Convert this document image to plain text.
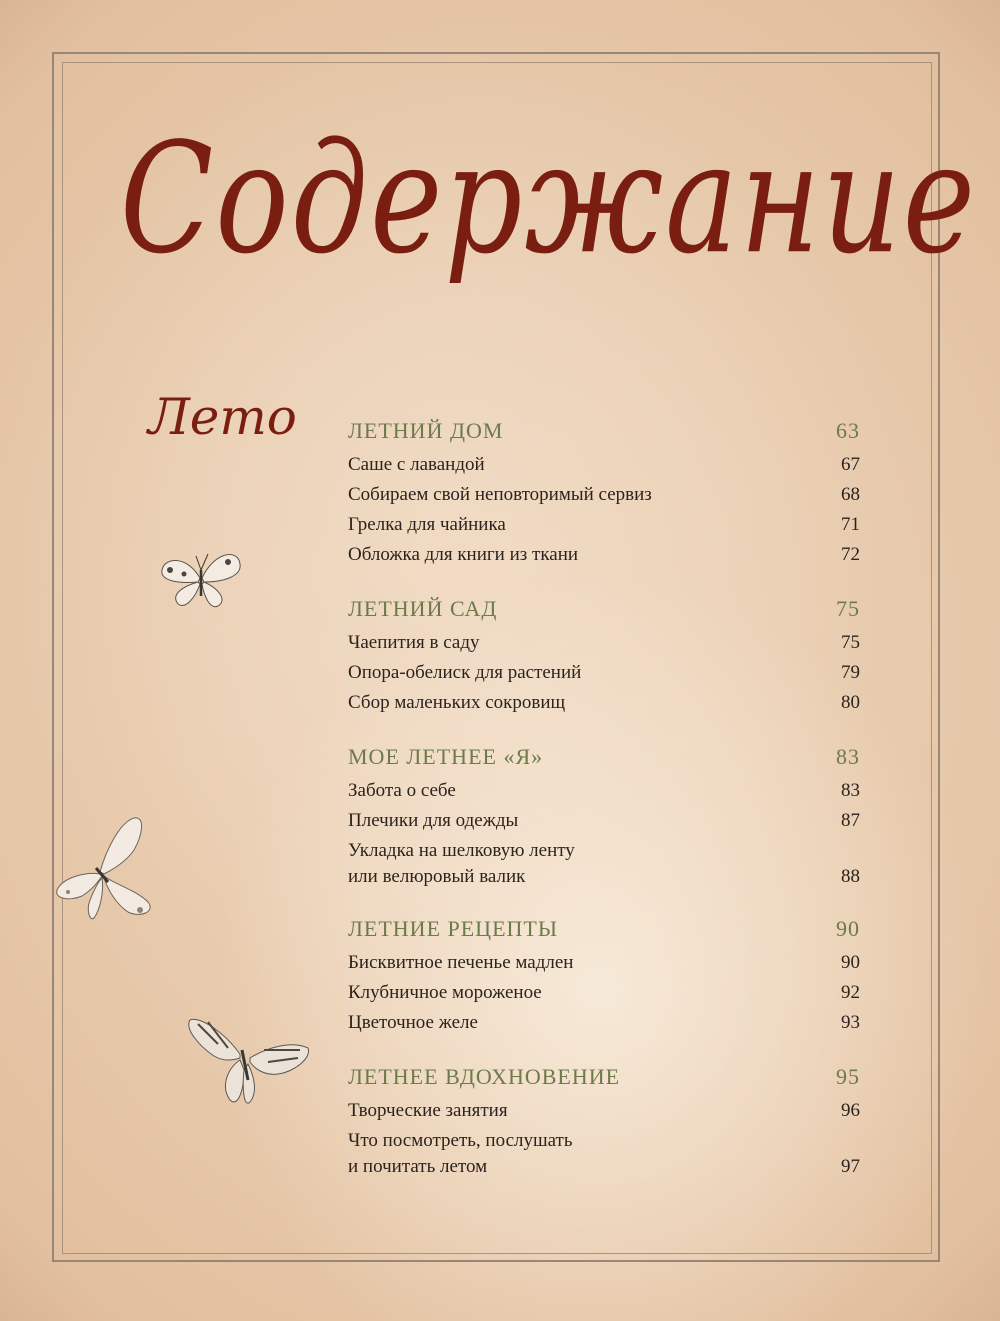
Содержание
Лето ЛЕТНИЙ ДОМ	63
Саше с лавандой	67
Собираем свой неповторимый сервиз	68
Грелка для чайника	71
Обложка для книги из ткани	72
ЛЕТНИЙ САД	75
Чаепития в саду	75
Опора-обелиск для растений	79
Сбор маленьких сокровищ	80
МОЕ ЛЕТНЕЕ «Я»	83
Забота о себе	83
Плечики для одежды	87
Укладка на шелковую ленту
или велюровый валик	88
ЛЕТНИЕ РЕЦЕПТЫ	90
Бисквитное печенье мадлен	90
Клубничное мороженое	92
Цветочное желе	93
ЛЕТНЕЕ ВДОХНОВЕНИЕ	95
Творческие занятия	96
Что посмотреть, послушать
и почитать летом	97
